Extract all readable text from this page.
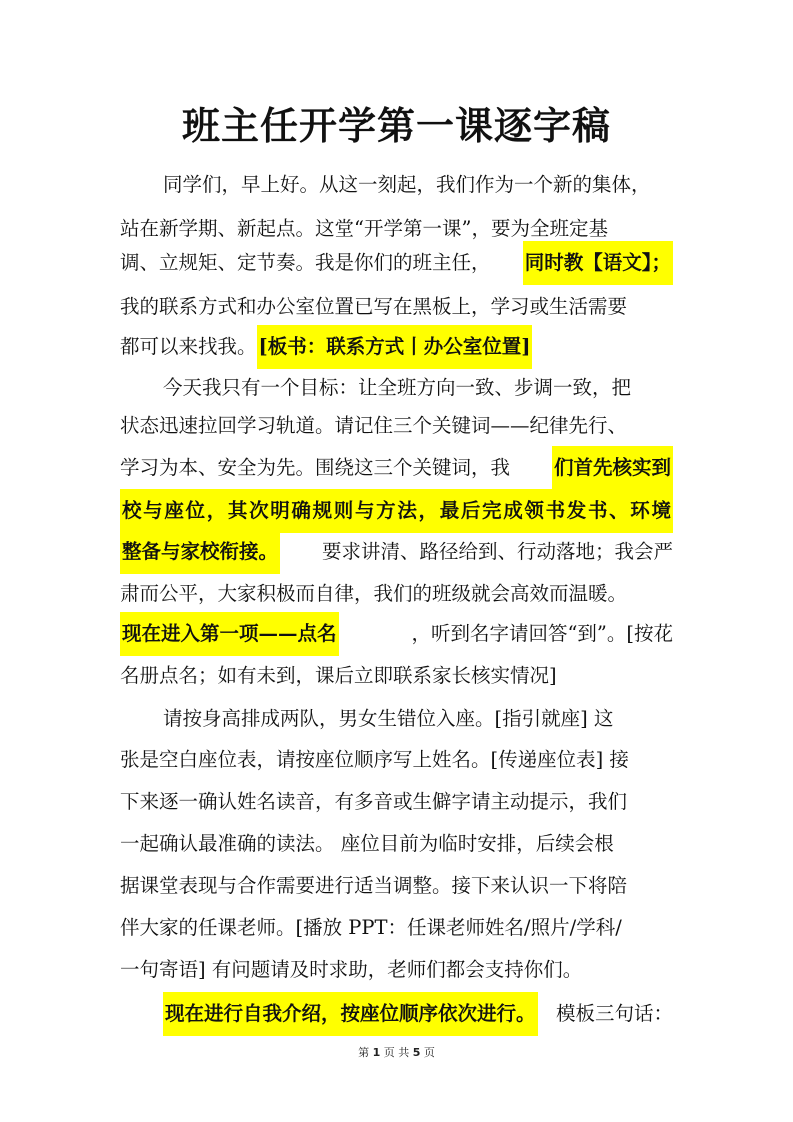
班主任开学第一课逐字稿
同学们，早上好。从这一刻起，我们作为一个新的集体，
站在新学期、新起点。这堂“开学第一课”，要为全班定基
调、立规矩、定节奏。我是你们的班主任， 同时教【语文】；
我的联系方式和办公室位置已写在黑板上，学习或生活需要
都可以来找我。 [板书：联系方式丨办公室位置]
今天我只有一个目标：让全班方向一致、步调一致，把
状态迅速拉回学习轨道。请记住三个关键词——纪律先行、
学习为本、安全为先。围绕这三个关键词，我 们首先核实到
校与座位，其次明确规则与方法，最后完成领书发书、环境
整备与家校衔接。 要求讲清、路径给到、行动落地；我会严
肃而公平，大家积极而自律，我们的班级就会高效而温暖。
现在进入第一项——点名	，听到名字请回答“到”。[按花
名册点名；如有未到，课后立即联系家长核实情况]
请按身高排成两队，男女生错位入座。[指引就座] 这
张是空白座位表，请按座位顺序写上姓名。[传递座位表] 接
下来逐一确认姓名读音，有多音或生僻字请主动提示，我们
一起确认最准确的读法。 座位目前为临时安排，后续会根
据课堂表现与合作需要进行适当调整。接下来认识一下将陪
伴大家的任课老师。[播放 PPT：任课老师姓名/照片/学科/
一句寄语] 有问题请及时求助，老师们都会支持你们。
现在进行自我介绍，按座位顺序依次进行。 模板三句话：
第 1 页 共 5 页
